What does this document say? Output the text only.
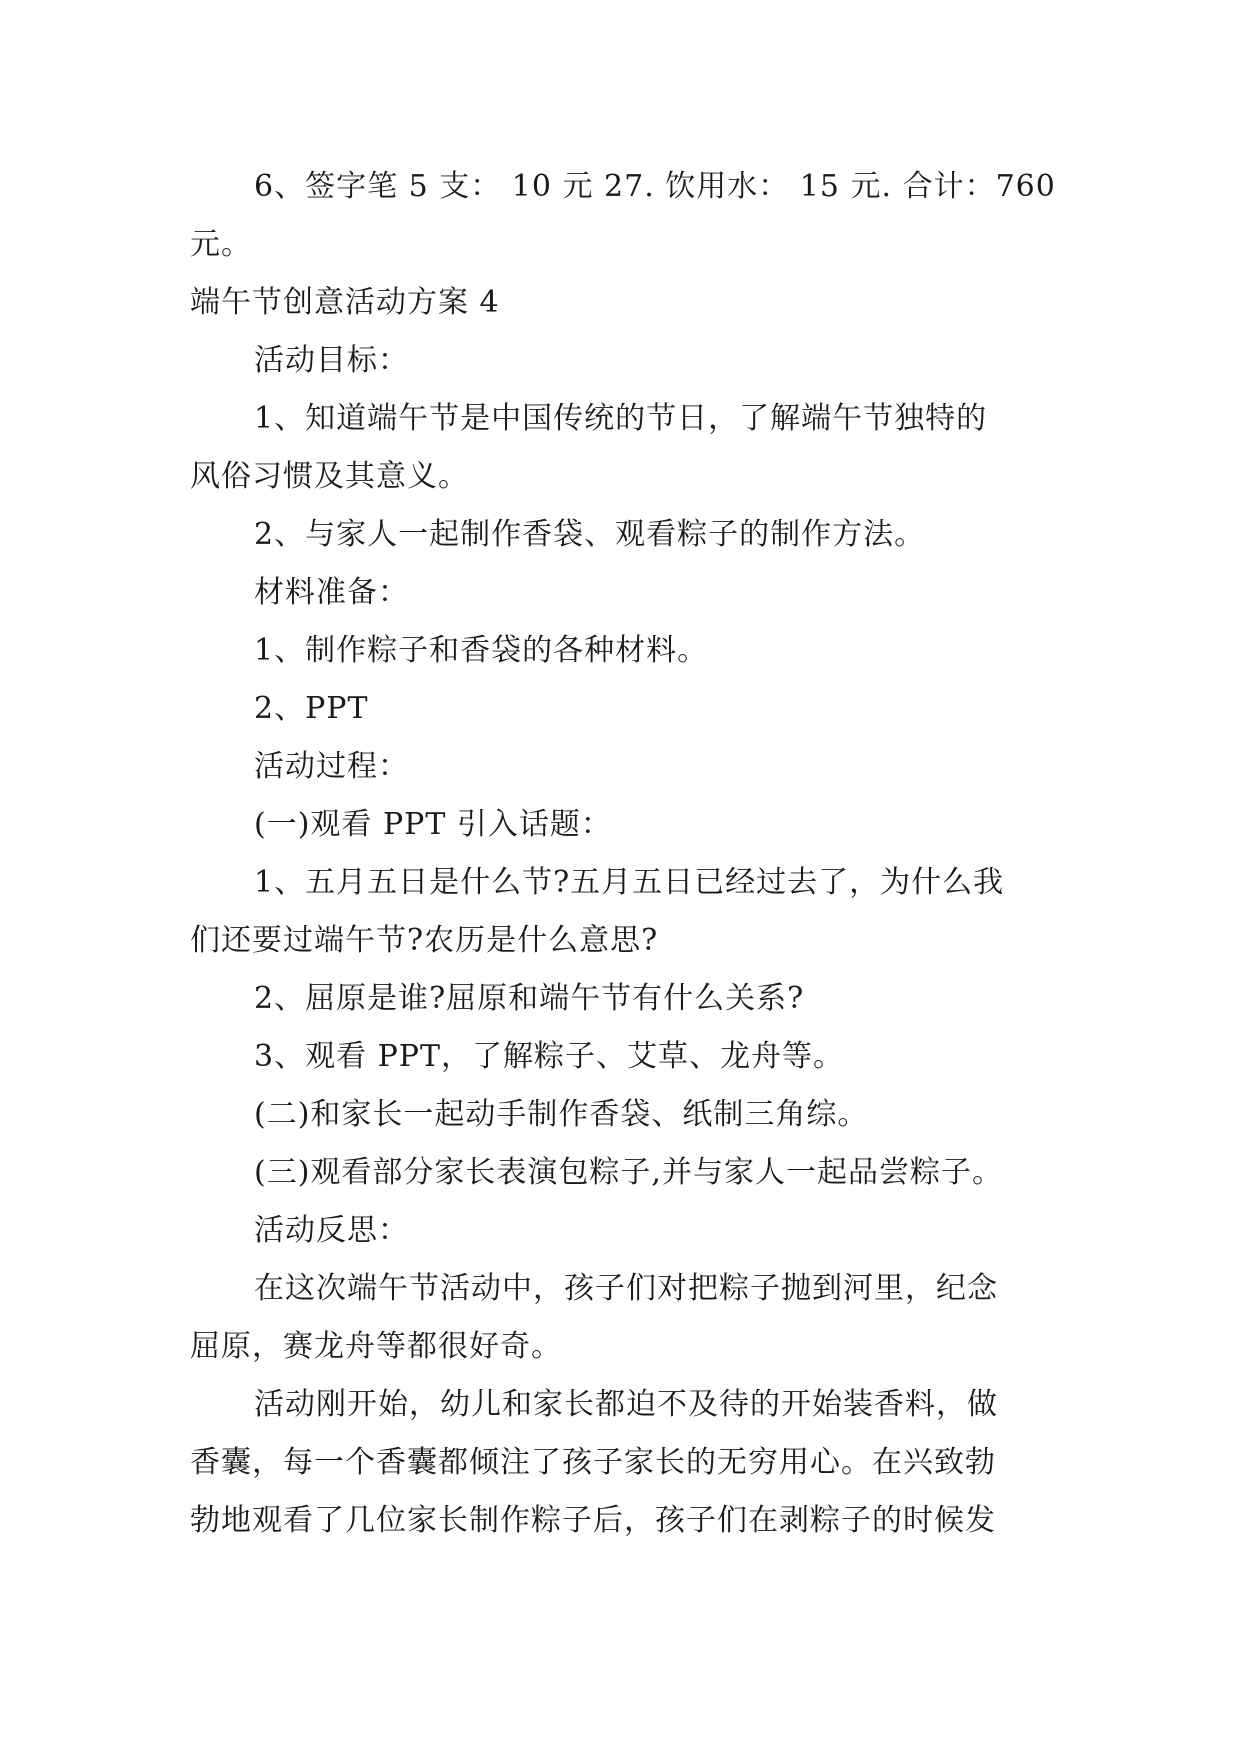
6、签字笔 5 支： 10 元 27. 饮用水： 15 元. 合计：760
元。
端午节创意活动方案 4
活动目标：
1、知道端午节是中国传统的节日，了解端午节独特的
风俗习惯及其意义。
2、与家人一起制作香袋、观看粽子的制作方法。
材料准备：
1、制作粽子和香袋的各种材料。
2、PPT
活动过程：
(一)观看 PPT 引入话题：
1、五月五日是什么节?五月五日已经过去了，为什么我
们还要过端午节?农历是什么意思?
2、屈原是谁?屈原和端午节有什么关系?
3、观看 PPT，了解粽子、艾草、龙舟等。
(二)和家长一起动手制作香袋、纸制三角综。
(三)观看部分家长表演包粽子,并与家人一起品尝粽子。
活动反思：
在这次端午节活动中，孩子们对把粽子抛到河里，纪念
屈原，赛龙舟等都很好奇。
活动刚开始，幼儿和家长都迫不及待的开始装香料，做
香囊，每一个香囊都倾注了孩子家长的无穷用心。在兴致勃
勃地观看了几位家长制作粽子后，孩子们在剥粽子的时候发
